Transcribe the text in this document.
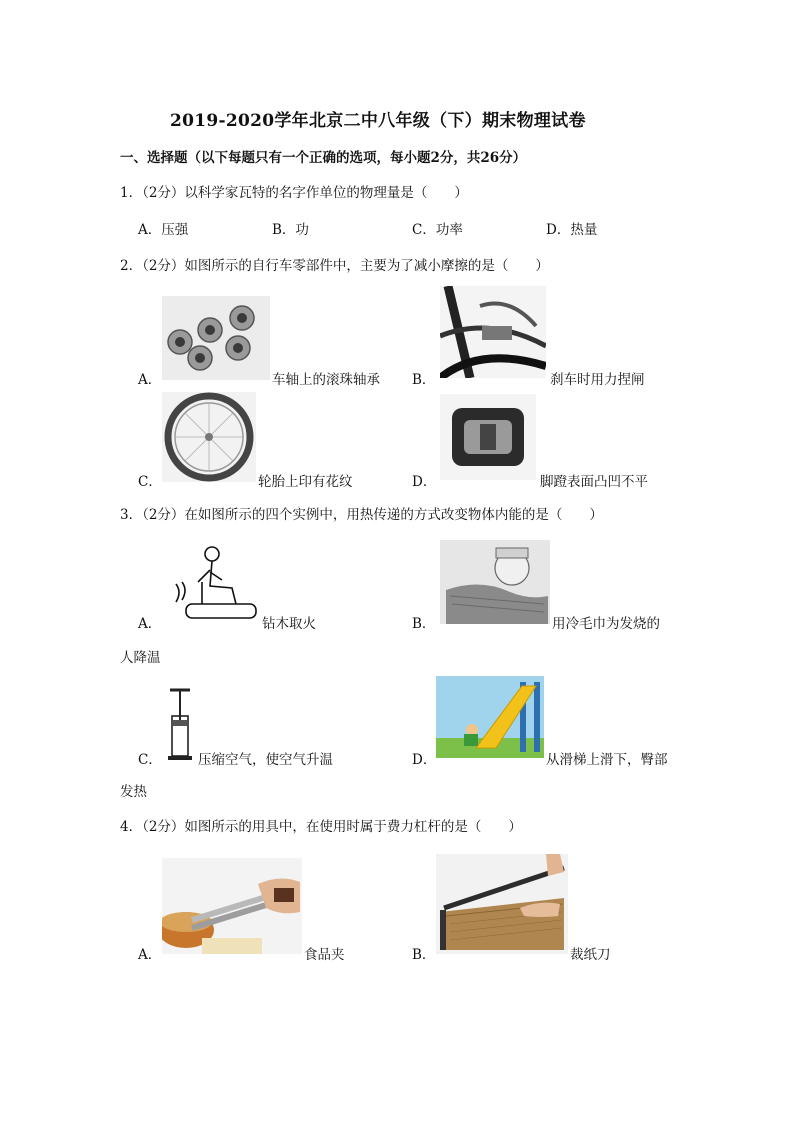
2019-2020学年北京二中八年级（下）期末物理试卷
一、选择题（以下每题只有一个正确的选项，每小题2分，共26分）
1．（2分）以科学家瓦特的名字作单位的物理量是（　　）
A．压强	B．功	C．功率	D．热量
2．（2分）如图所示的自行车零部件中，主要为了减小摩擦的是（　　）
A．	车轴上的滚珠轴承 B．	刹车时用力捏闸
C．	轮胎上印有花纹	D．	脚蹬表面凸凹不平
3．（2分）在如图所示的四个实例中，用热传递的方式改变物体内能的是（　　）
A．	钻木取火	B．	用冷毛巾为发烧的
人降温
C．	压缩空气，使空气升温	D．	从滑梯上滑下，臀部
发热
4．（2分）如图所示的用具中，在使用时属于费力杠杆的是（　　）
A．	食品夹	B．	裁纸刀
